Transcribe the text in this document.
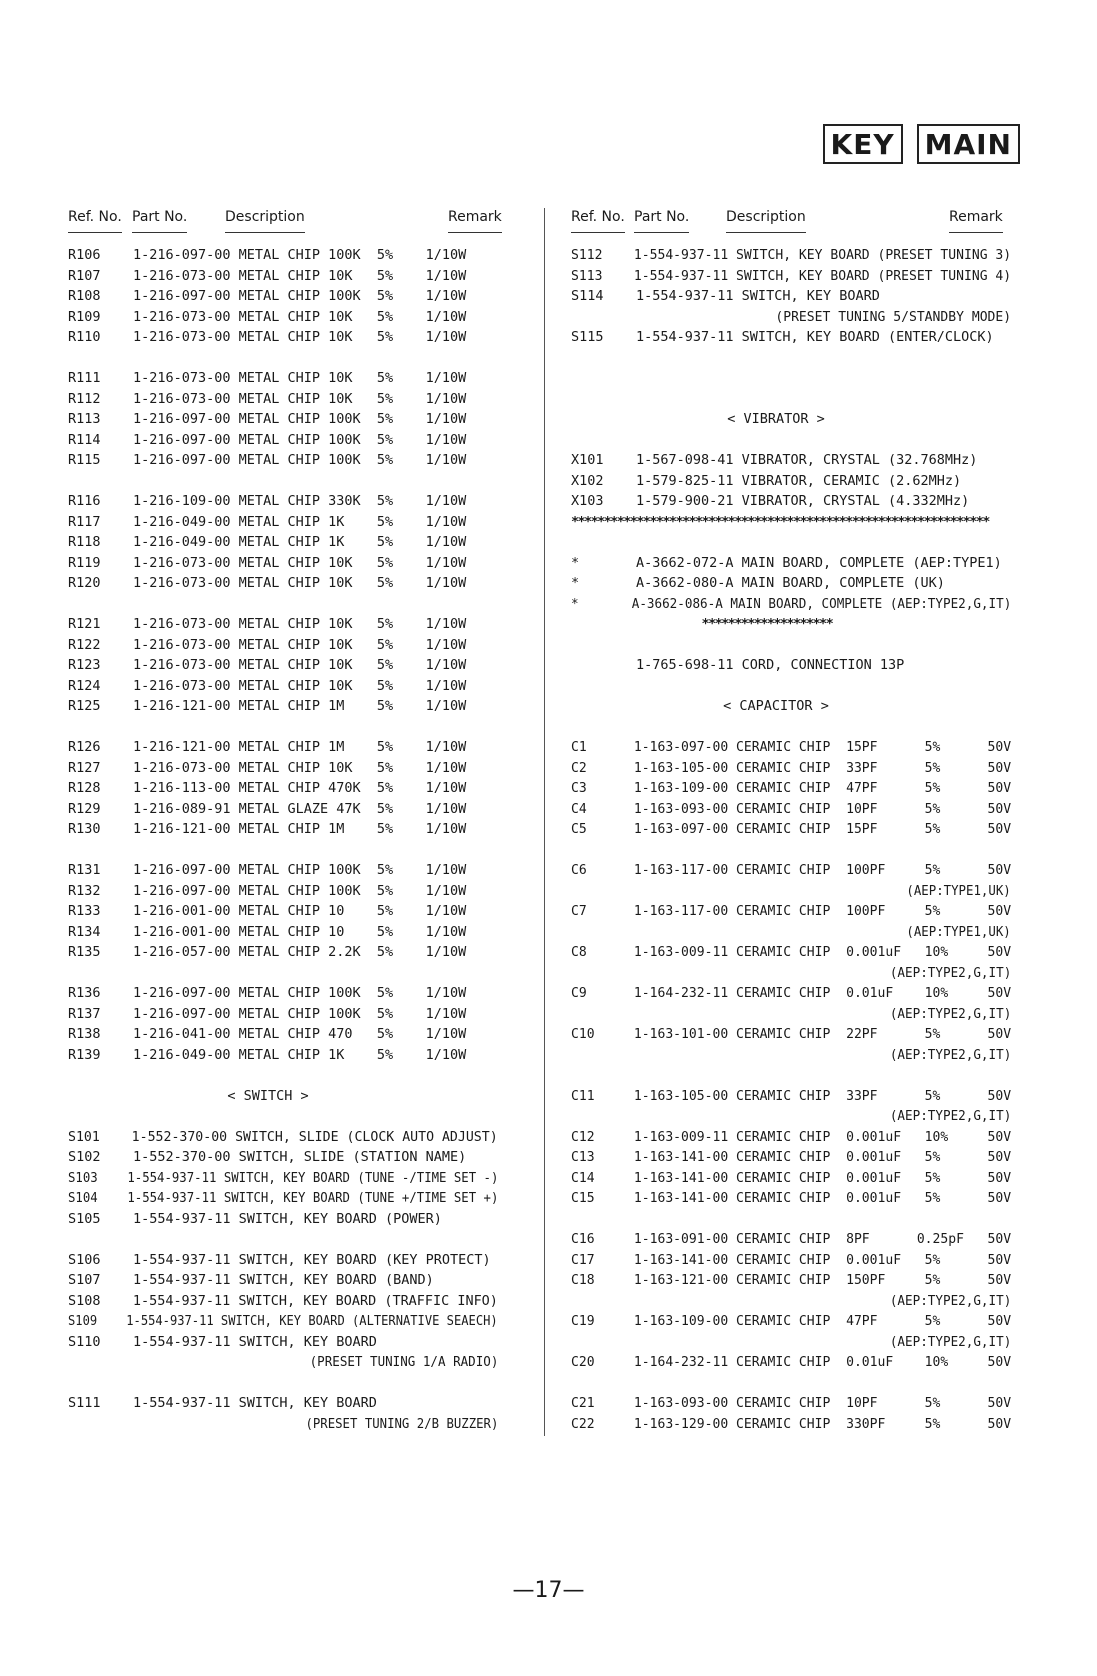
KEY MAIN
Ref. No. Part No.	Description	Remark
R106    1-216-097-00 METAL CHIP 100K  5%    1/10W
R107    1-216-073-00 METAL CHIP 10K   5%    1/10W
R108    1-216-097-00 METAL CHIP 100K  5%    1/10W
R109    1-216-073-00 METAL CHIP 10K   5%    1/10W
R110    1-216-073-00 METAL CHIP 10K   5%    1/10W
R111    1-216-073-00 METAL CHIP 10K   5%    1/10W
R112    1-216-073-00 METAL CHIP 10K   5%    1/10W
R113    1-216-097-00 METAL CHIP 100K  5%    1/10W
R114    1-216-097-00 METAL CHIP 100K  5%    1/10W
R115    1-216-097-00 METAL CHIP 100K  5%    1/10W
R116    1-216-109-00 METAL CHIP 330K  5%    1/10W
R117    1-216-049-00 METAL CHIP 1K    5%    1/10W
R118    1-216-049-00 METAL CHIP 1K    5%    1/10W
R119    1-216-073-00 METAL CHIP 10K   5%    1/10W
R120    1-216-073-00 METAL CHIP 10K   5%    1/10W
R121    1-216-073-00 METAL CHIP 10K   5%    1/10W
R122    1-216-073-00 METAL CHIP 10K   5%    1/10W
R123    1-216-073-00 METAL CHIP 10K   5%    1/10W
R124    1-216-073-00 METAL CHIP 10K   5%    1/10W
R125    1-216-121-00 METAL CHIP 1M    5%    1/10W
R126    1-216-121-00 METAL CHIP 1M    5%    1/10W
R127    1-216-073-00 METAL CHIP 10K   5%    1/10W
R128    1-216-113-00 METAL CHIP 470K  5%    1/10W
R129    1-216-089-91 METAL GLAZE 47K  5%    1/10W
R130    1-216-121-00 METAL CHIP 1M    5%    1/10W
R131    1-216-097-00 METAL CHIP 100K  5%    1/10W
R132    1-216-097-00 METAL CHIP 100K  5%    1/10W
R133    1-216-001-00 METAL CHIP 10    5%    1/10W
R134    1-216-001-00 METAL CHIP 10    5%    1/10W
R135    1-216-057-00 METAL CHIP 2.2K  5%    1/10W
R136    1-216-097-00 METAL CHIP 100K  5%    1/10W
R137    1-216-097-00 METAL CHIP 100K  5%    1/10W
R138    1-216-041-00 METAL CHIP 470   5%    1/10W
R139    1-216-049-00 METAL CHIP 1K    5%    1/10W
< SWITCH >
S101    1-552-370-00 SWITCH, SLIDE (CLOCK AUTO ADJUST)
S102    1-552-370-00 SWITCH, SLIDE (STATION NAME)
S103    1-554-937-11 SWITCH, KEY BOARD (TUNE -/TIME SET -)
S104    1-554-937-11 SWITCH, KEY BOARD (TUNE +/TIME SET +)
S105    1-554-937-11 SWITCH, KEY BOARD (POWER)
S106    1-554-937-11 SWITCH, KEY BOARD (KEY PROTECT)
S107    1-554-937-11 SWITCH, KEY BOARD (BAND)
S108    1-554-937-11 SWITCH, KEY BOARD (TRAFFIC INFO)
S109    1-554-937-11 SWITCH, KEY BOARD (ALTERNATIVE SEAECH)
S110    1-554-937-11 SWITCH, KEY BOARD
(PRESET TUNING 1/A RADIO)
S111    1-554-937-11 SWITCH, KEY BOARD
(PRESET TUNING 2/B BUZZER)
Ref. No. Part No.	Description	Remark
S112    1-554-937-11 SWITCH, KEY BOARD (PRESET TUNING 3)
S113    1-554-937-11 SWITCH, KEY BOARD (PRESET TUNING 4)
S114    1-554-937-11 SWITCH, KEY BOARD
(PRESET TUNING 5/STANDBY MODE)
S115    1-554-937-11 SWITCH, KEY BOARD (ENTER/CLOCK)
< VIBRATOR >
X101    1-567-098-41 VIBRATOR, CRYSTAL (32.768MHz)
X102    1-579-825-11 VIBRATOR, CERAMIC (2.62MHz)
X103    1-579-900-21 VIBRATOR, CRYSTAL (4.332MHz)
****************************************************************
*       A-3662-072-A MAIN BOARD, COMPLETE (AEP:TYPE1)
*       A-3662-080-A MAIN BOARD, COMPLETE (UK)
*       A-3662-086-A MAIN BOARD, COMPLETE (AEP:TYPE2,G,IT)
********************
1-765-698-11 CORD, CONNECTION 13P
< CAPACITOR >
C1      1-163-097-00 CERAMIC CHIP  15PF      5%      50V
C2      1-163-105-00 CERAMIC CHIP  33PF      5%      50V
C3      1-163-109-00 CERAMIC CHIP  47PF      5%      50V
C4      1-163-093-00 CERAMIC CHIP  10PF      5%      50V
C5      1-163-097-00 CERAMIC CHIP  15PF      5%      50V
C6      1-163-117-00 CERAMIC CHIP  100PF     5%      50V
(AEP:TYPE1,UK)
C7      1-163-117-00 CERAMIC CHIP  100PF     5%      50V
(AEP:TYPE1,UK)
C8      1-163-009-11 CERAMIC CHIP  0.001uF   10%     50V
(AEP:TYPE2,G,IT)
C9      1-164-232-11 CERAMIC CHIP  0.01uF    10%     50V
(AEP:TYPE2,G,IT)
C10     1-163-101-00 CERAMIC CHIP  22PF      5%      50V
(AEP:TYPE2,G,IT)
C11     1-163-105-00 CERAMIC CHIP  33PF      5%      50V
(AEP:TYPE2,G,IT)
C12     1-163-009-11 CERAMIC CHIP  0.001uF   10%     50V
C13     1-163-141-00 CERAMIC CHIP  0.001uF   5%      50V
C14     1-163-141-00 CERAMIC CHIP  0.001uF   5%      50V
C15     1-163-141-00 CERAMIC CHIP  0.001uF   5%      50V
C16     1-163-091-00 CERAMIC CHIP  8PF      0.25pF   50V
C17     1-163-141-00 CERAMIC CHIP  0.001uF   5%      50V
C18     1-163-121-00 CERAMIC CHIP  150PF     5%      50V
(AEP:TYPE2,G,IT)
C19     1-163-109-00 CERAMIC CHIP  47PF      5%      50V
(AEP:TYPE2,G,IT)
C20     1-164-232-11 CERAMIC CHIP  0.01uF    10%     50V
C21     1-163-093-00 CERAMIC CHIP  10PF      5%      50V
C22     1-163-129-00 CERAMIC CHIP  330PF     5%      50V
—17—
